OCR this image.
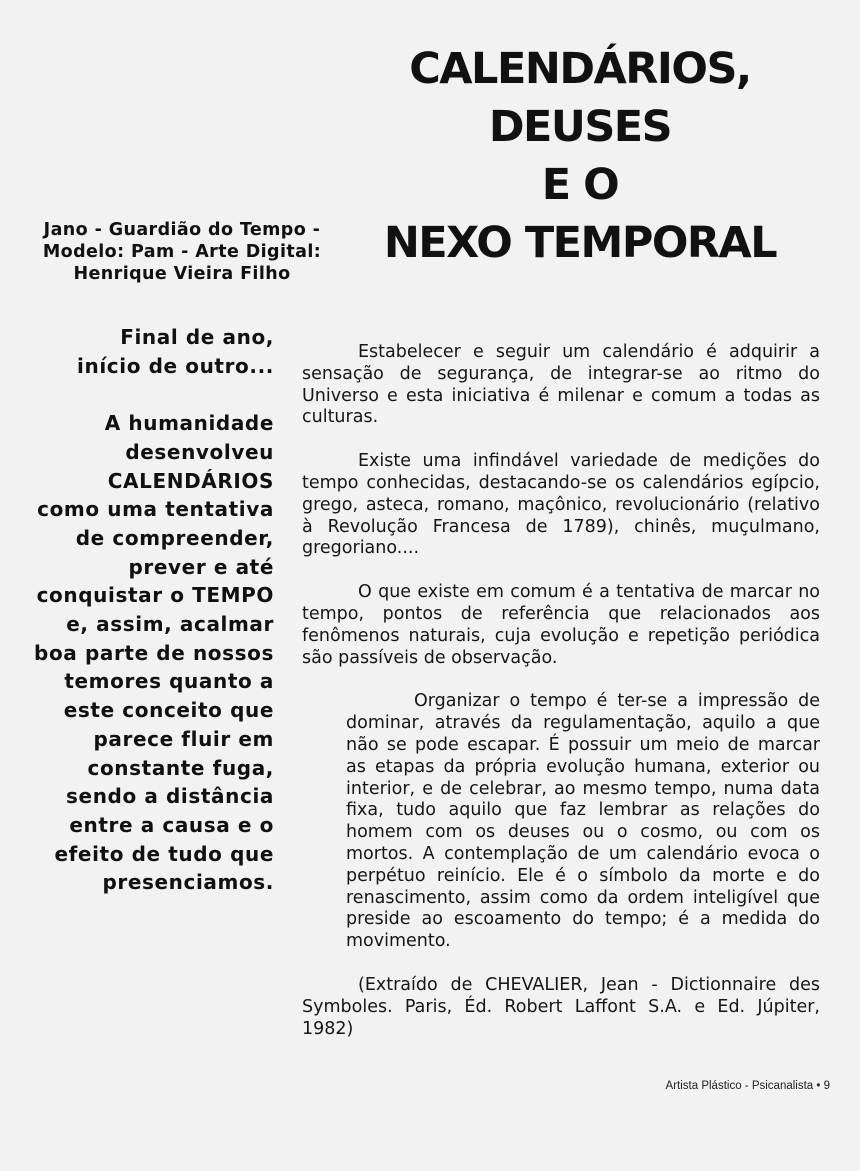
CALENDÁRIOS,
DEUSES
E O
NEXO TEMPORAL
Jano - Guardião do Tempo -
Modelo: Pam - Arte Digital:
Henrique Vieira Filho
Final de ano,
início de outro...
A humanidade
desenvolveu
CALENDÁRIOS
como uma tentativa
de compreender,
prever e até
conquistar o TEMPO
e, assim, acalmar
boa parte de nossos
temores quanto a
este conceito que
parece fluir em
constante fuga,
sendo a distância
entre a causa e o
efeito de tudo que
presenciamos.

Estabelecer e seguir um calendário é adquirir a sensação de segurança, de integrar-se ao ritmo do Universo e esta iniciativa é milenar e comum a todas as culturas.

Existe uma infindável variedade de medições do tempo conhecidas, destacando-se os calendários egípcio, grego, asteca, romano, maçônico, revolucionário (relativo à Revolução Francesa de 1789), chinês, muçulmano, gregoriano....

O que existe em comum é a tentativa de marcar no tempo, pontos de referência que relacionados aos fenômenos naturais, cuja evolução e repetição periódica são passíveis de observação.

Organizar o tempo é ter-se a impressão de dominar, através da regulamentação, aquilo a que não se pode escapar. É possuir um meio de marcar as etapas da própria evolução humana, exterior ou interior, e de celebrar, ao mesmo tempo, numa data fixa, tudo aquilo que faz lembrar as relações do homem com os deuses ou o cosmo, ou com os mortos. A contemplação de um calendário evoca o perpétuo reinício. Ele é o símbolo da morte e do renascimento, assim como da ordem inteligível que preside ao escoamento do tempo; é a medida do movimento.

(Extraído de CHEVALIER, Jean - Dictionnaire des Symboles. Paris, Éd. Robert Laffont S.A. e Ed. Júpiter, 1982)

Artista Plástico - Psicanalista • 9
